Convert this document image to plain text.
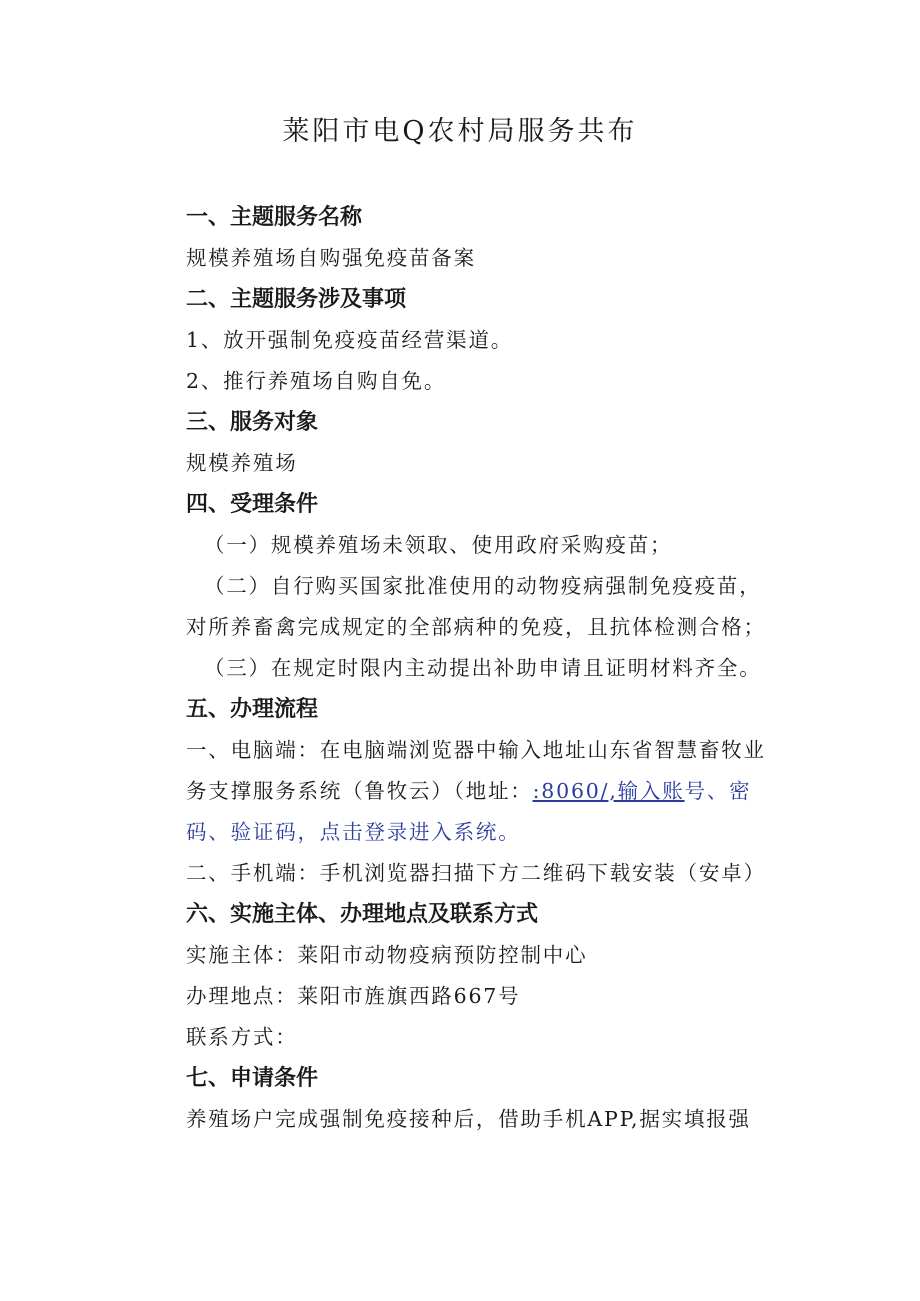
莱阳市电Q农村局服务共布
一、主题服务名称
规模养殖场自购强免疫苗备案
二、主题服务涉及事项
1、放开强制免疫疫苗经营渠道。
2、推行养殖场自购自免。
三、服务对象
规模养殖场
四、受理条件
（一）规模养殖场未领取、使用政府采购疫苗；
（二）自行购买国家批准使用的动物疫病强制免疫疫苗，
对所养畜禽完成规定的全部病种的免疫，且抗体检测合格；
（三）在规定时限内主动提出补助申请且证明材料齐全。
五、办理流程
一、电脑端：在电脑端浏览器中输入地址山东省智慧畜牧业
务支撑服务系统（鲁牧云）（地址：:8060/,输入账号、密
码、验证码，点击登录进入系统。
二、手机端：手机浏览器扫描下方二维码下载安装（安卓）
六、实施主体、办理地点及联系方式
实施主体：莱阳市动物疫病预防控制中心
办理地点：莱阳市旌旗西路667号
联系方式：
七、申请条件
养殖场户完成强制免疫接种后，借助手机APP,据实填报强
